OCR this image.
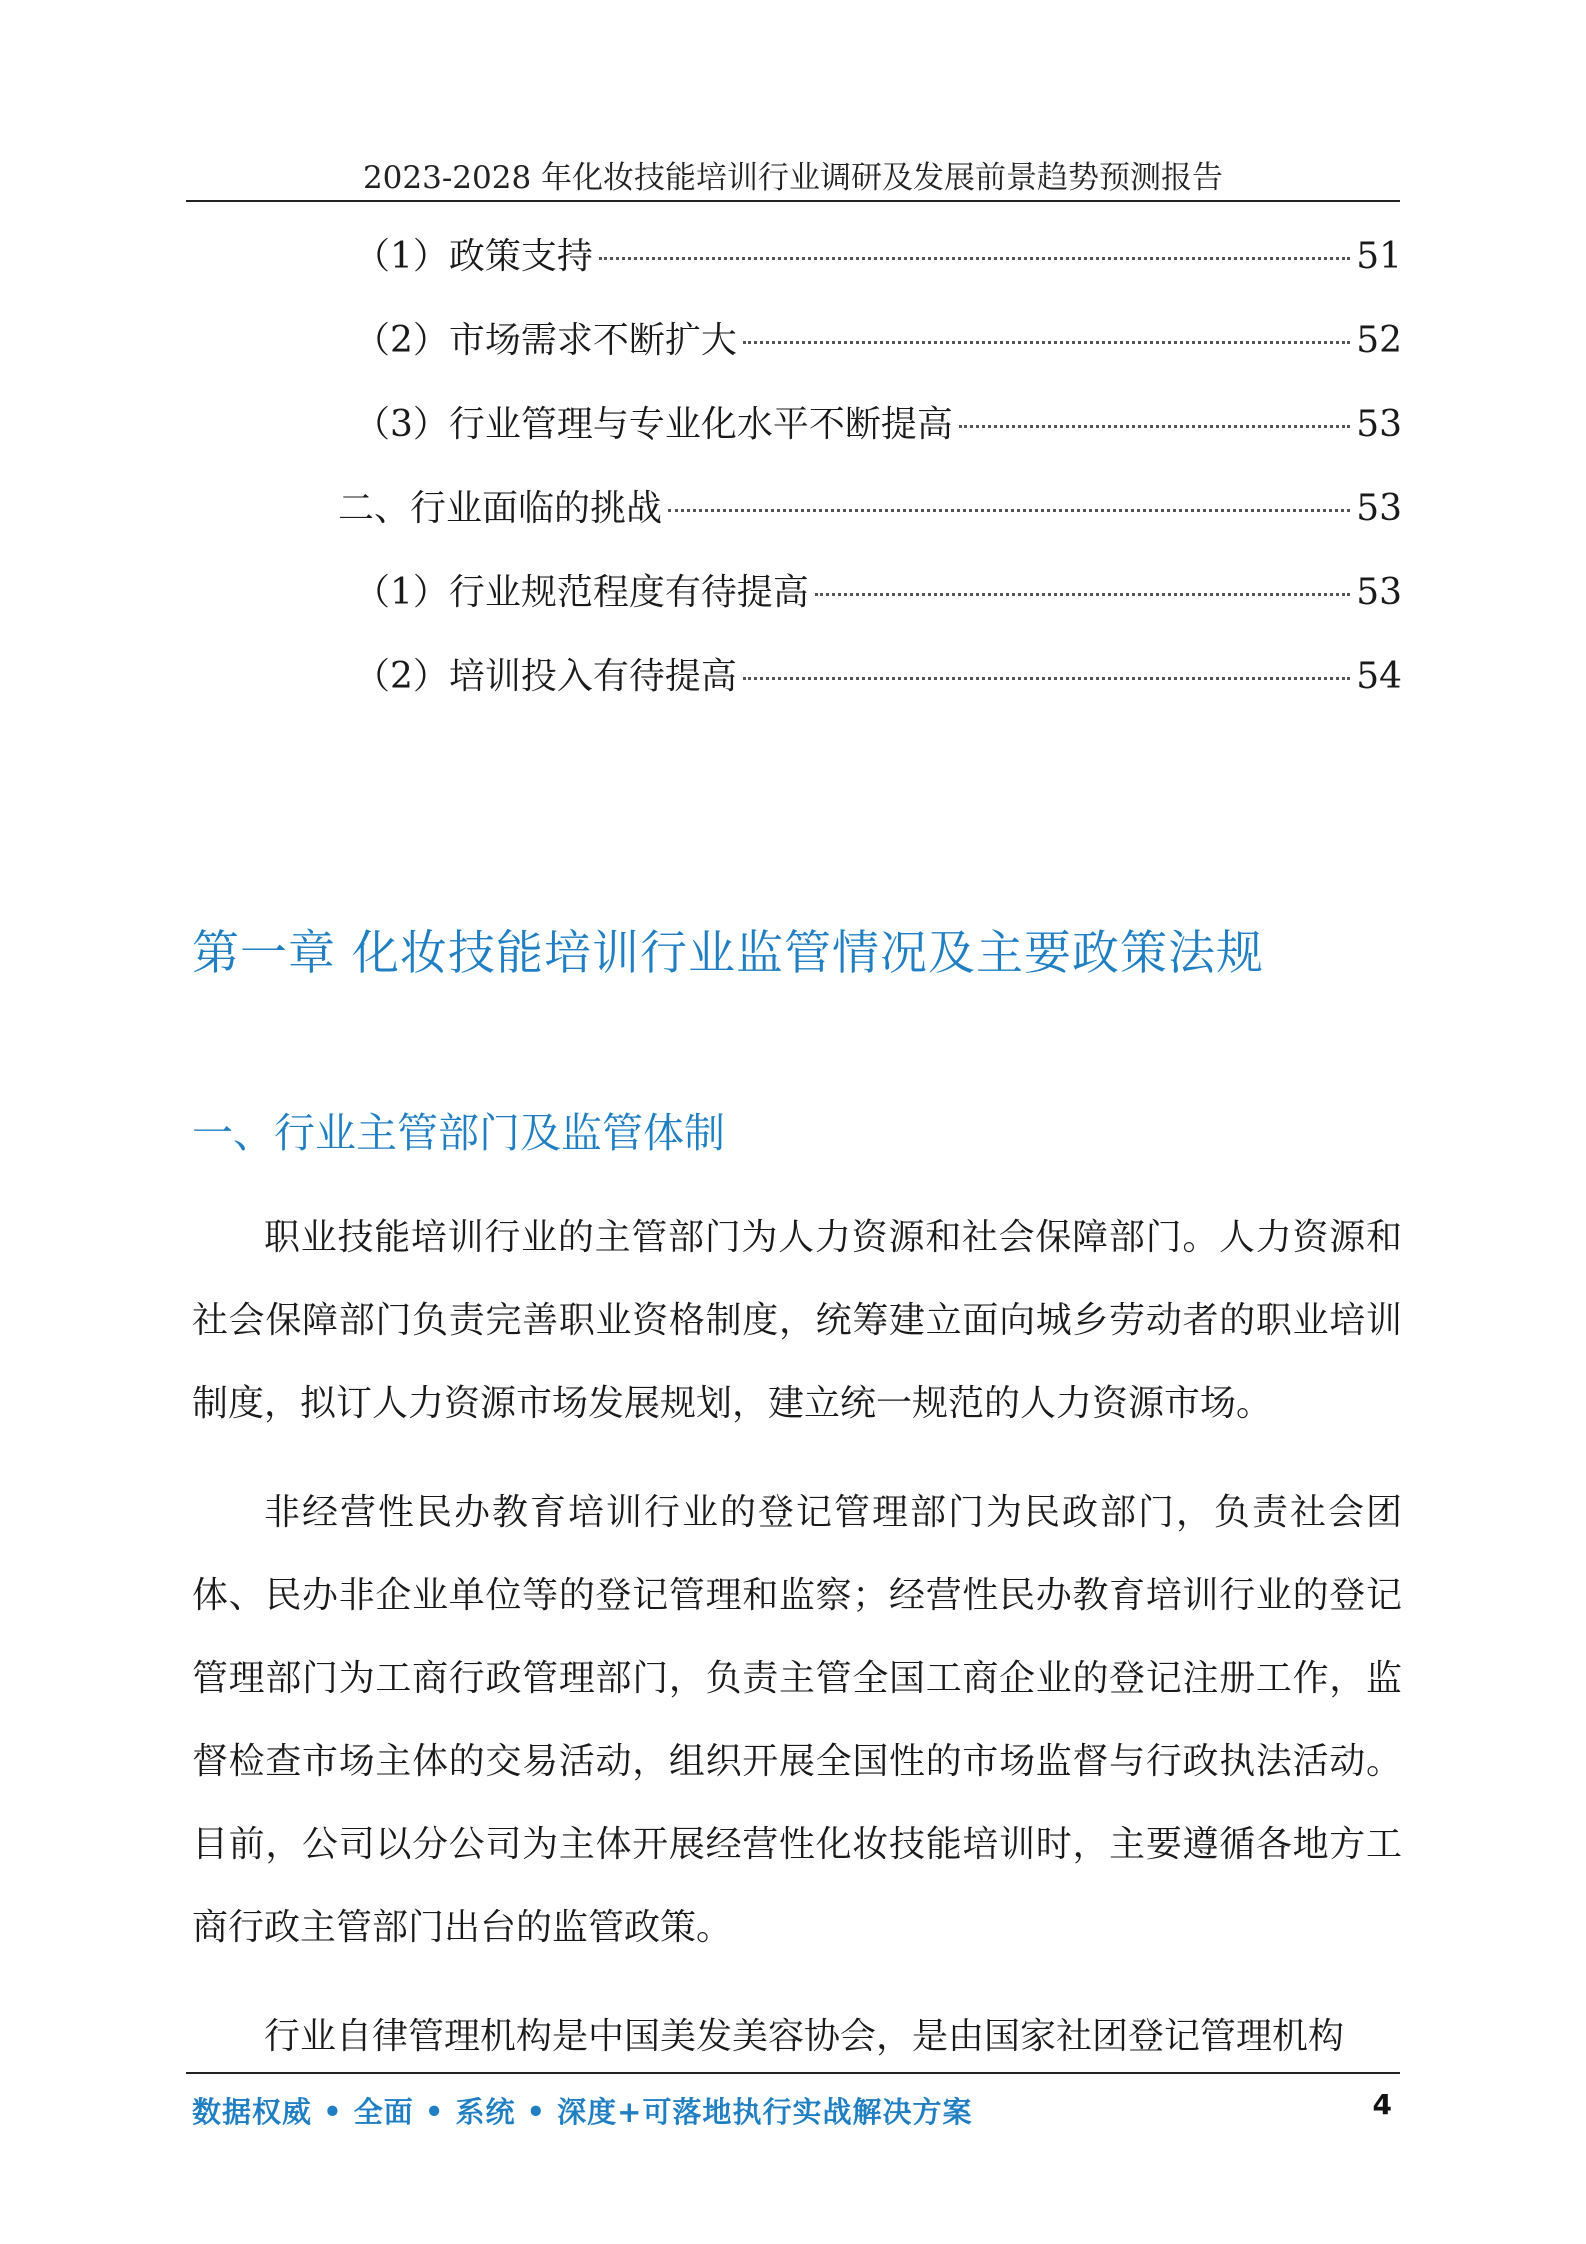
2023-2028 年化妆技能培训行业调研及发展前景趋势预测报告
（1）政策支持	51
（2）市场需求不断扩大	52
（3）行业管理与专业化水平不断提高	53
二、行业面临的挑战	53
（1）行业规范程度有待提高	53
（2）培训投入有待提高	54
第一章 化妆技能培训行业监管情况及主要政策法规
一、行业主管部门及监管体制

职业技能培训行业的主管部门为人力资源和社会保障部门。人力资源和社会保障部门负责完善职业资格制度，统筹建立面向城乡劳动者的职业培训制度，拟订人力资源市场发展规划，建立统一规范的人力资源市场。

非经营性民办教育培训行业的登记管理部门为民政部门，负责社会团体、民办非企业单位等的登记管理和监察；经营性民办教育培训行业的登记管理部门为工商行政管理部门，负责主管全国工商企业的登记注册工作，监督检查市场主体的交易活动，组织开展全国性的市场监督与行政执法活动。目前，公司以分公司为主体开展经营性化妆技能培训时，主要遵循各地方工商行政主管部门出台的监管政策。

行业自律管理机构是中国美发美容协会，是由国家社团登记管理机构

数据权威 • 全面 • 系统 • 深度+可落地执行实战解决方案	4
